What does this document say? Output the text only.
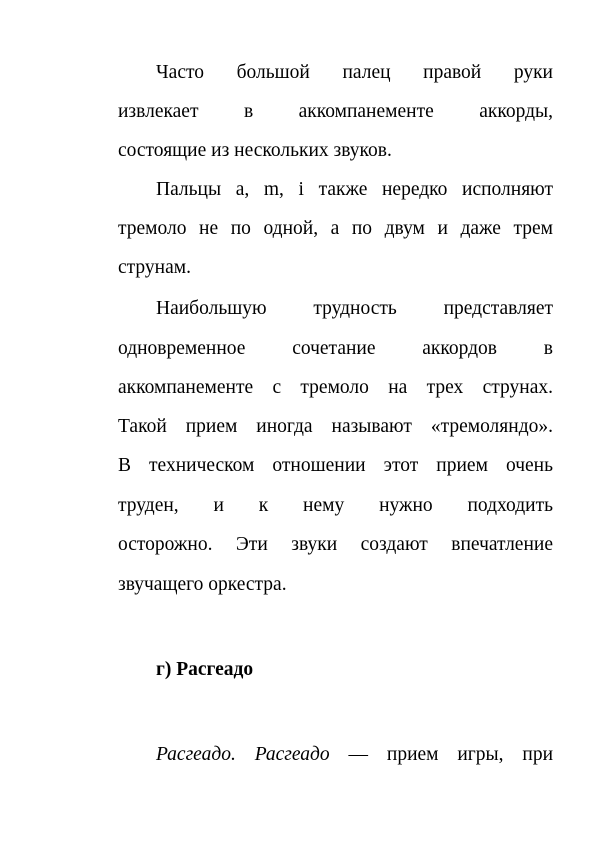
Часто большой палец правой руки
извлекает в аккомпанементе аккорды,
состоящие из нескольких звуков.
Пальцы a, m, i также нередко исполняют
тремоло не по одной, а по двум и даже трем
струнам.
Наибольшую трудность представляет
одновременное сочетание аккордов в
аккомпанементе с тремоло на трех струнах.
Такой прием иногда называют «тремоляндо».
В техническом отношении этот прием очень
труден, и к нему нужно подходить
осторожно. Эти звуки создают впечатление
звучащего оркестра.
г) Расгеадо
Расгеадо. Расгеадо — прием игры, при
